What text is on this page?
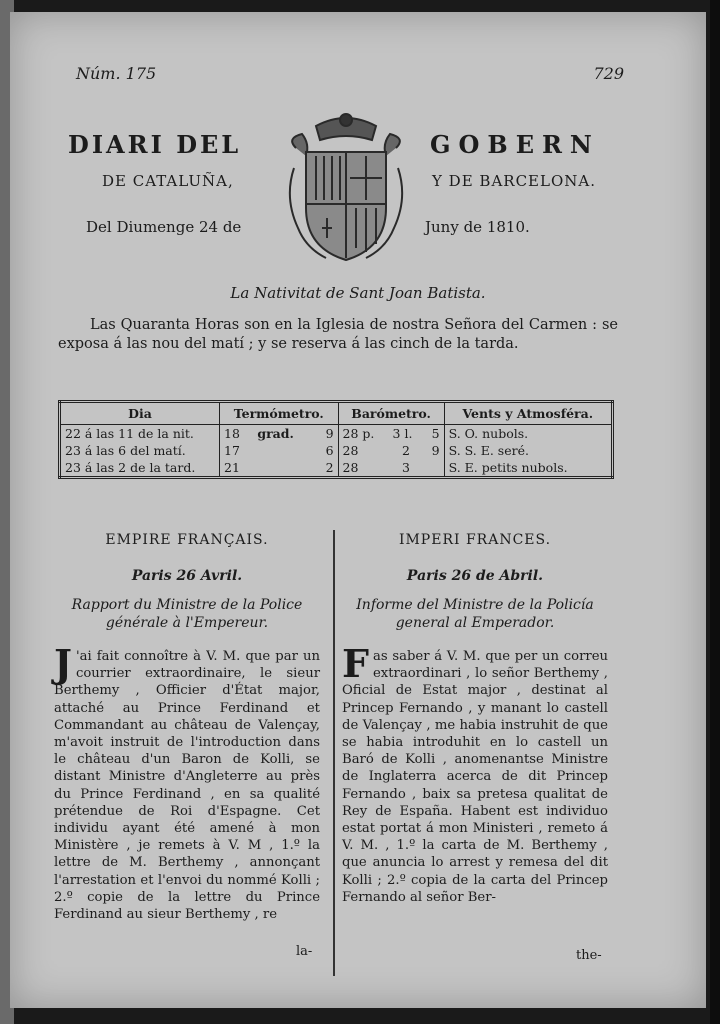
Núm. 175	729
DIARI DEL	GOBERN
DE CATALUÑA,	Y DE BARCELONA.
Del Diumenge 24 de	Juny de 1810.
La Nativitat de Sant Joan Batista.
Las Quaranta Horas son en la Iglesia de nostra Señora del Carmen : se exposa á las nou del matí ; y se reserva á las cinch de la tarda.
Dia	Termómetro.			Barómetro.			Vents y Atmosféra.
22 á las 11 de la nit.	18	grad.	9	28 p.	3 l.	5	S. O. nubols.
23 á las 6 del matí.	17		6	28	2	9	S. S. E. seré.
23 á las 2 de la tard.	21		2	28	3		S. E. petits nubols.
EMPIRE FRANÇAIS.
Paris 26 Avril.
Rapport du Ministre de la Police générale à l'Empereur.
J 'ai fait connoître à V. M. que par un courrier extraordinaire, le sieur Berthemy , Officier d'État major, attaché au Prince Ferdinand et Commandant au château de Valençay, m'avoit instruit de l'introduction dans le château d'un Baron de Kolli, se distant Ministre d'Angleterre au près du Prince Ferdinand , en sa qualité prétendue de Roi d'Espagne. Cet individu ayant été amené à mon Ministère , je remets à V. M , 1.º la lettre de M. Berthemy , annonçant l'arrestation et l'envoi du nommé Kolli ; 2.º copie de la lettre du Prince Ferdinand au sieur Berthemy , re
la-
IMPERI FRANCES.
Paris 26 de Abril.
Informe del Ministre de la Policía general al Emperador.
Fas saber á V. M. que per un correu extraordinari , lo señor Berthemy , Oficial de Estat major , destinat al Princep Fernando , y manant lo castell de Valençay , me habia instruhit de que se habia introduhit en lo castell un Baró de Kolli , anomenantse Ministre de Inglaterra acerca de dit Princep Fernando , baix sa pretesa qualitat de Rey de España. Habent est individuo estat portat á mon Ministeri , remeto á V. M. , 1.º la carta de M. Berthemy , que anuncia lo arrest y remesa del dit Kolli ; 2.º copia de la carta del Princep Fernando al señor Ber-
the-
